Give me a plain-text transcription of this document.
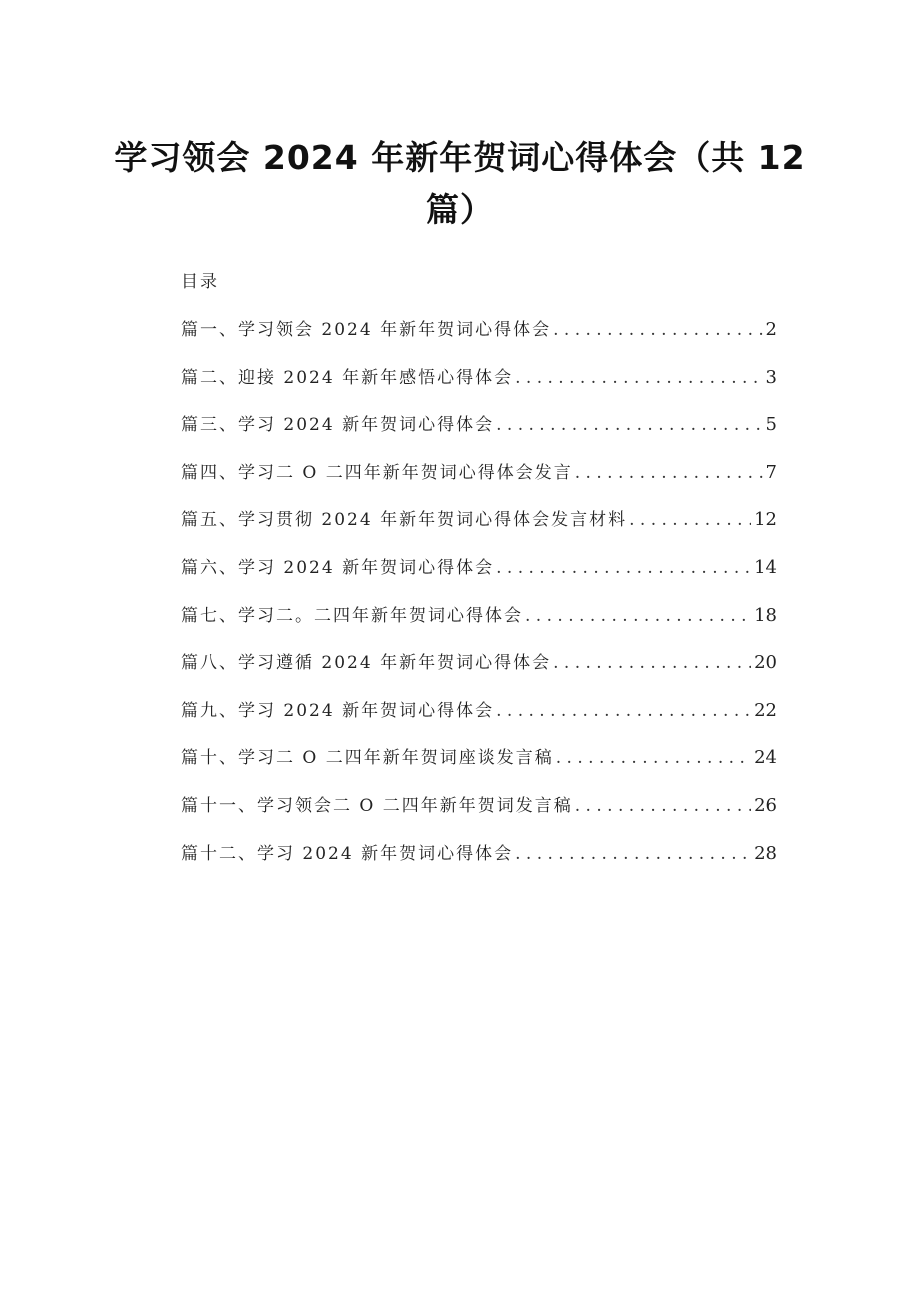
学习领会 2024 年新年贺词心得体会（共 12 篇）
目录
篇一、学习领会 2024 年新年贺词心得体会 . . .	2
篇二、迎接 2024 年新年感悟心得体会 . . .	3
篇三、学习 2024 新年贺词心得体会 . . .	5
篇四、学习二 O 二四年新年贺词心得体会发言 . . .	7
篇五、学习贯彻 2024 年新年贺词心得体会发言材料 . . .	12
篇六、学习 2024 新年贺词心得体会 . . .	14
篇七、学习二。二四年新年贺词心得体会 . . .	18
篇八、学习遵循 2024 年新年贺词心得体会 . . .	20
篇九、学习 2024 新年贺词心得体会 . . .	22
篇十、学习二 O 二四年新年贺词座谈发言稿 . . .	24
篇十一、学习领会二 O 二四年新年贺词发言稿 . . .	26
篇十二、学习 2024 新年贺词心得体会 . . .	28
